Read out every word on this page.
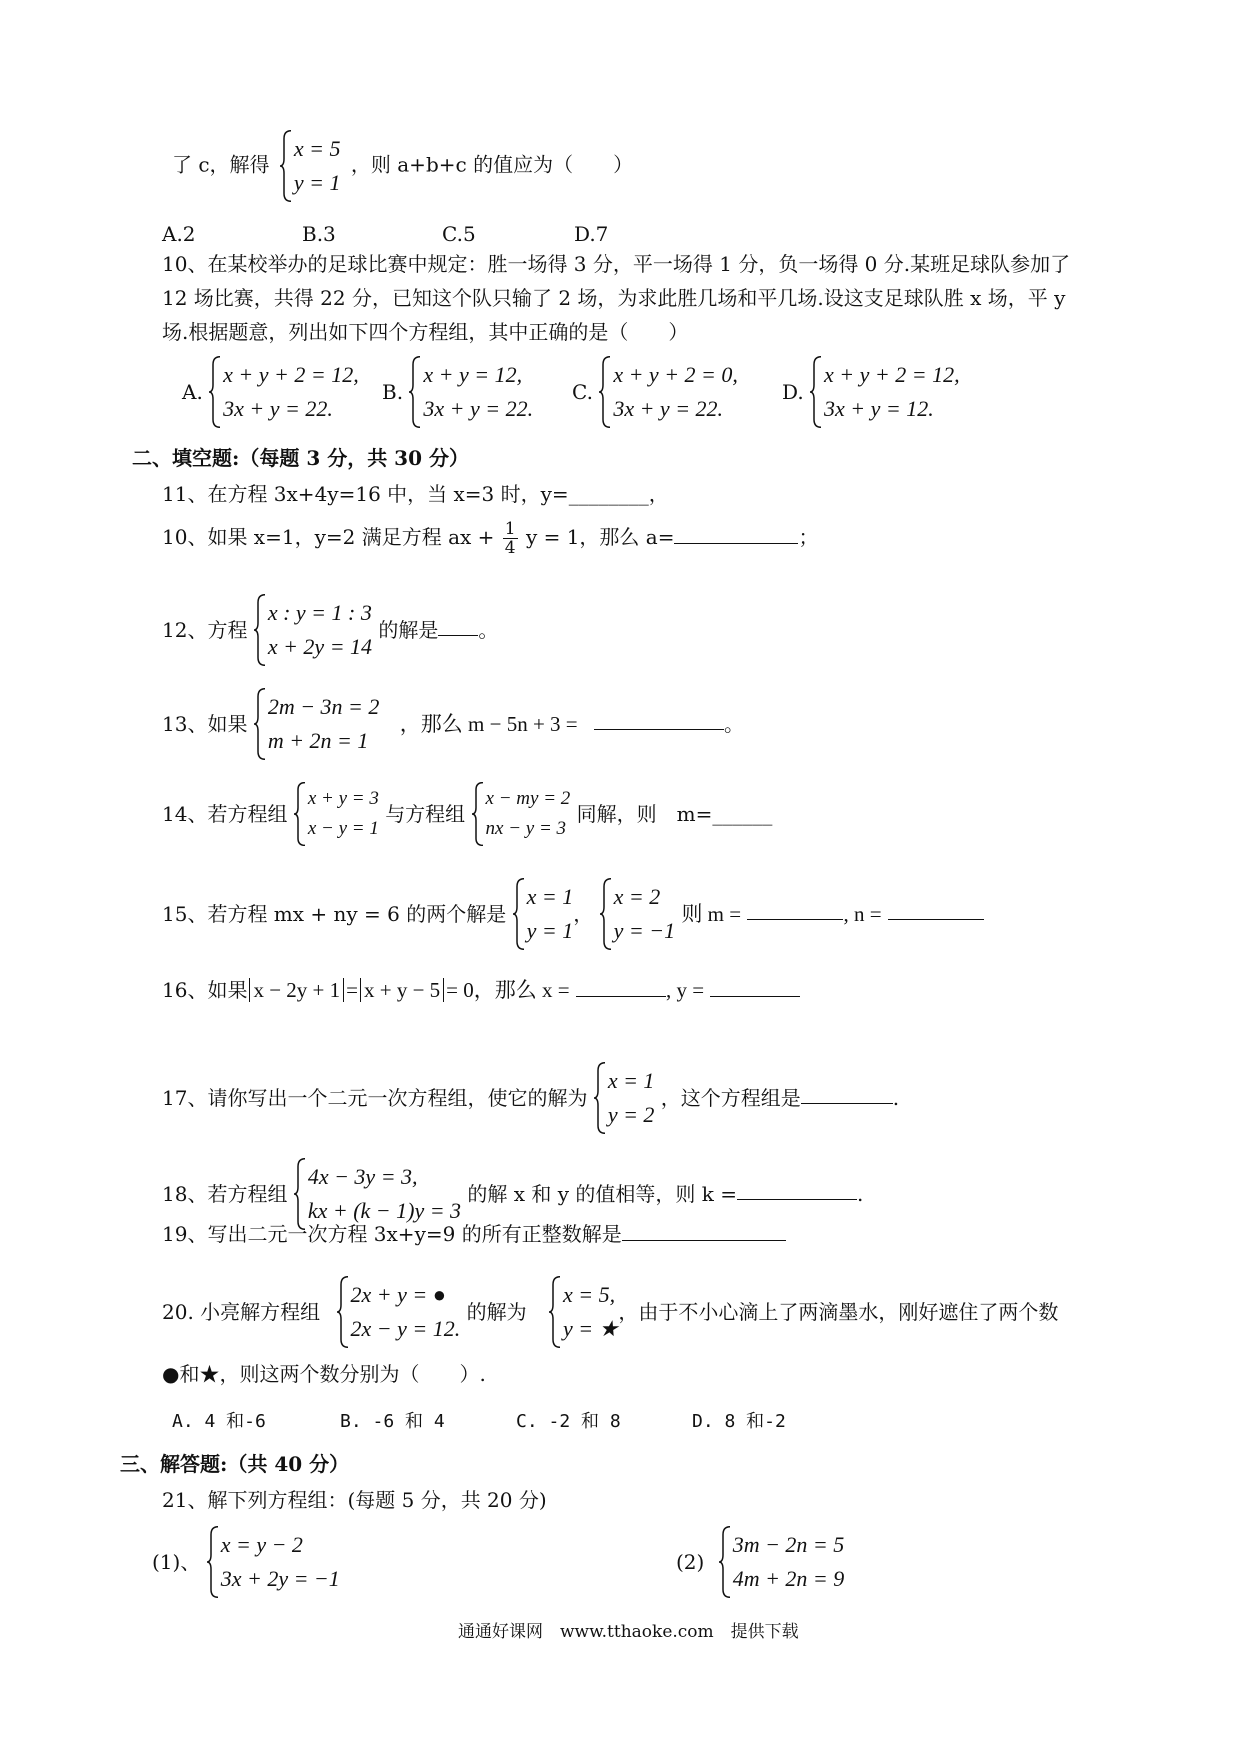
了 c，解得
x = 5
y = 1
，则 a+b+c 的值应为（　　）
A.2	B.3	C.5	D.7
10、在某校举办的足球比赛中规定：胜一场得 3 分，平一场得 1 分，负一场得 0 分.某班足球队参加了
12 场比赛，共得 22 分，已知这个队只输了 2 场，为求此胜几场和平几场.设这支足球队胜 x 场，平 y
场.根据题意，列出如下四个方程组，其中正确的是（　　）
A.
x + y + 2 = 12,
3x + y = 22.
B.
x + y = 12,
3x + y = 22.
C.
x + y + 2 = 0,
3x + y = 22.
D.
x + y + 2 = 12,
3x + y = 12.
二、填空题:（每题 3 分，共 30 分）
11、在方程 3x+4y=16 中，当 x=3 时，y=________，
10、如果 x=1，y=2 满足方程 ax + $\frac{1}{4}$ y = 1，那么 a=	；
12、方程
x : y = 1 : 3
x + 2y = 14
的解是 。
13、如果
2m − 3n = 2
m + 2n = 1
，那么 m − 5n + 3 =	。
14、若方程组
x + y = 3
x − y = 1
与方程组
x − my = 2
nx − y = 3
同解，则　m=______
15、若方程 mx + ny = 6 的两个解是
x = 1
y = 1
，
x = 2
y = −1
则 m =	, n =
16、如果 x − 2y + 1 = x + y − 5 = 0，那么 x =	, y =
17、请你写出一个二元一次方程组，使它的解为
x = 1
y = 2
，这个方程组是	.
18、若方程组
4x − 3y = 3,
kx + (k − 1)y = 3
的解 x 和 y 的值相等，则 k =	.
19、写出二元一次方程 3x+y=9 的所有正整数解是
20. 小亮解方程组
2x + y = ●
2x − y = 12.
的解为
x = 5,
y = ★
，由于不小心滴上了两滴墨水，刚好遮住了两个数
●和★，则这两个数分别为（　　）.
A. 4 和-6	B. -6 和 4	C. -2 和 8	D. 8 和-2
三、解答题:（共 40 分）
21、解下列方程组：(每题 5 分，共 20 分)
(1)、
x = y − 2
3x + 2y = −1
(2)
3m − 2n = 5
4m + 2n = 9
通通好课网　www.tthaoke.com　提供下载
